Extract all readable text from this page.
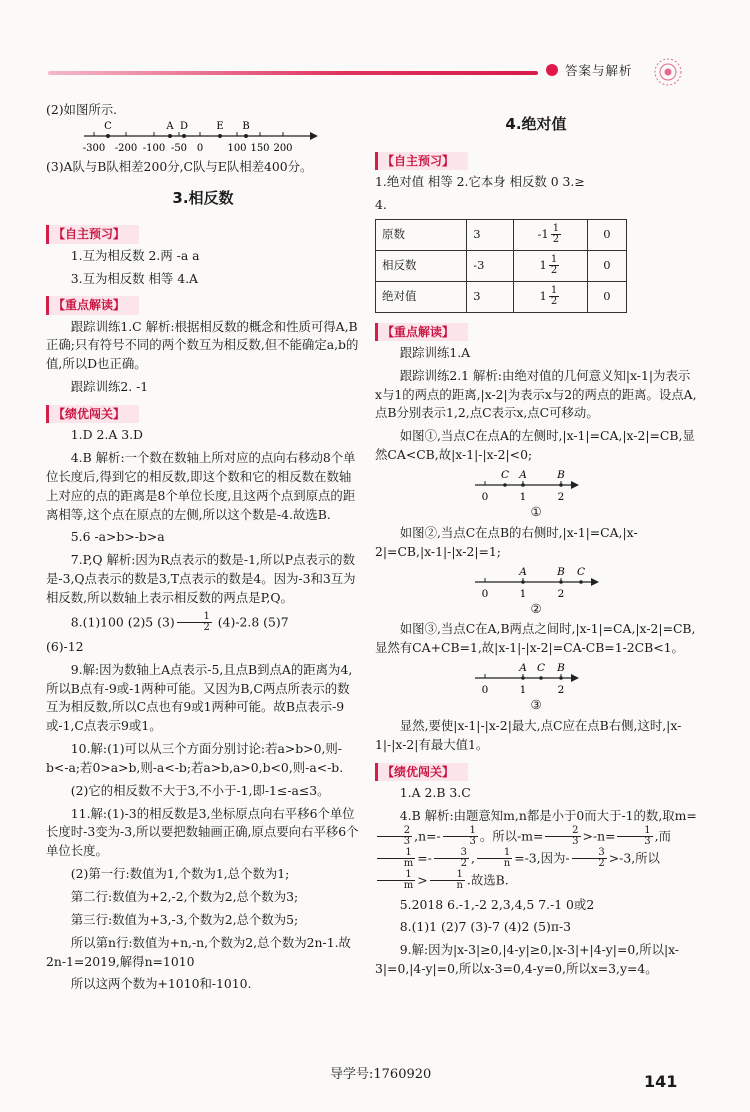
答案与解析

(2)如图所示.

-300 -200 -100 -50 0 100 150 200
C	A D	E B

(3)A队与B队相差200分,C队与E队相差400分。

3.相反数

【自主预习】

1.互为相反数 2.两 -a a

3.互为相反数 相等 4.A

【重点解读】

跟踪训练1.C 解析:根据相反数的概念和性质可得A,B正确;只有符号不同的两个数互为相反数,但不能确定a,b的值,所以D也正确。

跟踪训练2. -1

【绩优闯关】

1.D 2.A 3.D

4.B 解析:一个数在数轴上所对应的点向右移动8个单位长度后,得到它的相反数,即这个数和它的相反数在数轴上对应的点的距离是8个单位长度,且这两个点到原点的距离相等,这个点在原点的左侧,所以这个数是-4.故选B.

5.6 -a>b>-b>a

7.P,Q 解析:因为R点表示的数是-1,所以P点表示的数是-3,Q点表示的数是3,T点表示的数是4。因为-3和3互为相反数,所以数轴上表示相反数的两点是P,Q。

8.(1)100 (2)5 $(3) \frac{1}{2} (4)-2.8$ (5)7

(6)-12

9.解:因为数轴上A点表示-5,且点B到点A的距离为4,所以B点有-9或-1两种可能。又因为B,C两点所表示的数互为相反数,所以C点也有9或1两种可能。故B点表示-9或-1,C点表示9或1。

10.解:(1)可以从三个方面分别讨论:若a>b>0,则-b<-a;若0>a>b,则-a<-b;若a>b,a>0,b<0,则-a<-b.

(2)它的相反数不大于3,不小于-1,即-1≤-a≤3。

11.解:(1)-3的相反数是3,坐标原点向右平移6个单位长度时-3变为-3,所以要把数轴画正确,原点要向右平移6个单位长度。

(2)第一行:数值为1,个数为1,总个数为1;

第二行:数值为+2,-2,个数为2,总个数为3;

第三行:数值为+3,-3,个数为2,总个数为5;

所以第n行:数值为+n,-n,个数为2,总个数为2n-1.故2n-1=2019,解得n=1010

所以这两个数为+1010和-1010.

4.绝对值

【自主预习】

1.绝对值 相等 2.它本身 相反数 0 3.≥

4.

原数	3	$-1 \frac{1}{2}$	0
相反数	-3	$1 \frac{1}{2}$	0
绝对值	3	$1 \frac{1}{2}$	0
【重点解读】

跟踪训练1.A

跟踪训练2.1 解析:由绝对值的几何意义知|x-1|为表示x与1的两点的距离,|x-2|为表示x与2的两点的距离。设点A,点B分别表示1,2,点C表示x,点C可移动。

如图①,当点C在点A的左侧时,|x-1|=CA,|x-2|=CB,显然CA<CB,故|x-1|-|x-2|<0;

0	1	2
C A	B

①

如图②,当点C在点B的右侧时,|x-1|=CA,|x-2|=CB,|x-1|-|x-2|=1;

0	1	2
A	B C

②

如图③,当点C在A,B两点之间时,|x-1|=CA,|x-2|=CB,显然有CA+CB=1,故|x-1|-|x-2|=CA-CB=1-2CB<1。

0	1	2
A C B

③

显然,要使|x-1|-|x-2|最大,点C应在点B右侧,这时,|x-1|-|x-2|有最大值1。

【绩优闯关】

1.A 2.B 3.C

4.B 解析:由题意知m,n都是小于0而大于-1的数,取m=
$\frac{2}{3} ,n=- \frac{1}{3}$ 。所以$-m= \frac{2}{3} >-n= \frac{1}{3}$ ,而
$\frac{1}{m} =- \frac{3}{2}$ , $\frac{1}{n} =-3$,因为- $\frac{3}{2} >-3$,所以
$\frac{1}{m} > \frac{1}{n}$ .故选B.

5.2018 6.-1,-2 2,3,4,5 7.-1 0或2

8.(1)1 (2)7 (3)-7 (4)2 (5)π-3

9.解:因为|x-3|≥0,|4-y|≥0,|x-3|+|4-y|=0,所以|x-3|=0,|4-y|=0,所以x-3=0,4-y=0,所以x=3,y=4。

导学号:1760920	141
